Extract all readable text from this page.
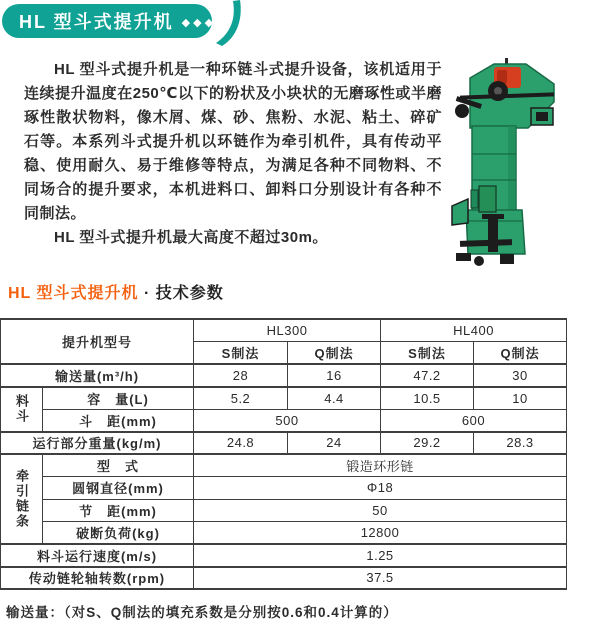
HL 型斗式提升机 ◆◆◆

HL 型斗式提升机是一种环链斗式提升设备，该机适用于连续提升温度在250℃以下的粉状及小块状的无磨琢性或半磨琢性散状物料，像木屑、煤、砂、焦粉、水泥、粘土、碎矿石等。本系列斗式提升机以环链作为牵引机件，具有传动平稳、使用耐久、易于维修等特点，为满足各种不同物料、不同场合的提升要求，本机进料口、卸料口分别设计有各种不同制法。

HL 型斗式提升机最大高度不超过30m。

HL 型斗式提升机 · 技术参数
提升机型号		HL300		HL400	
		S制法	Q制法	S制法	Q制法
输送量(m³/h)		28	16	47.2	30
料斗	容　量(L)	5.2	4.4	10.5	10
	斗　距(mm)	500		600	
运行部分重量(kg/m)		24.8	24	29.2	28.3
牵引链条	型　式	锻造环形链			
	圆钢直径(mm)	Φ18			
	节　距(mm)	50			
	破断负荷(kg)	12800			
料斗运行速度(m/s)		1.25			
传动链轮轴转数(rpm)		37.5			
输送量：（对S、Q制法的填充系数是分别按0.6和0.4计算的）
